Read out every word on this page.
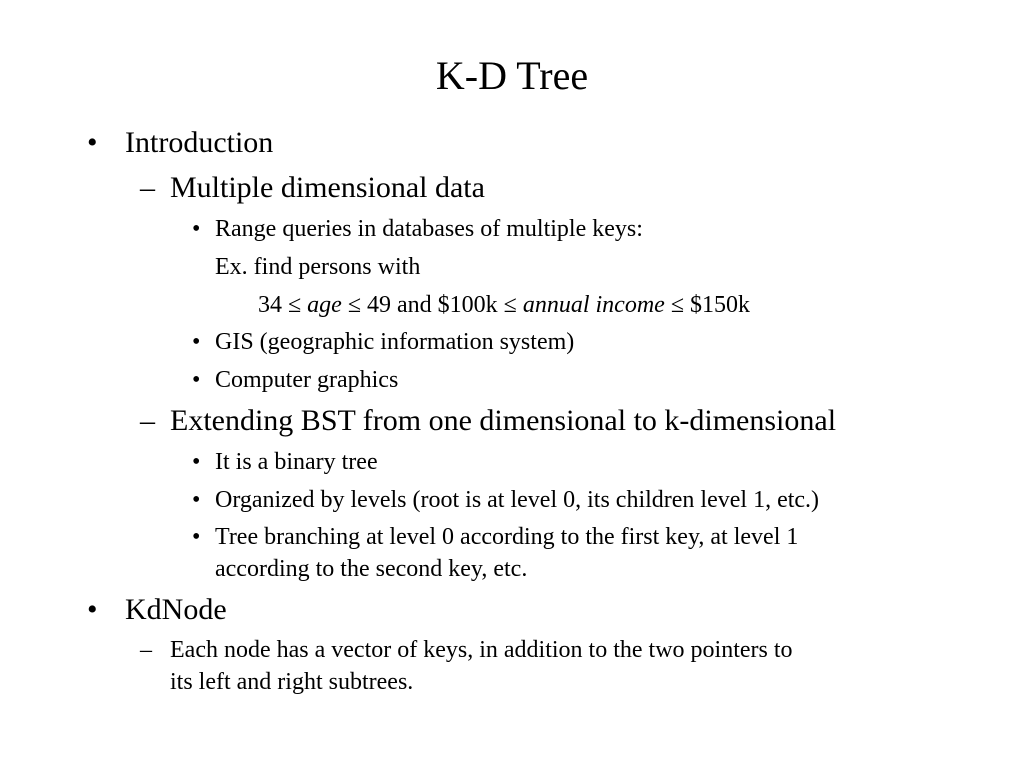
K-D Tree
• Introduction
– Multiple dimensional data
• Range queries in databases of multiple keys:
Ex. find persons with
34 ≤ age ≤ 49 and $100k ≤ annual income ≤ $150k
• GIS (geographic information system)
• Computer graphics
– Extending BST from one dimensional to k-dimensional
• It is a binary tree
• Organized by levels (root is at level 0, its children level 1, etc.)
• Tree branching at level 0 according to the first key, at level 1
according to the second key, etc.
• KdNode
– Each node has a vector of keys, in addition to the two pointers to
its left and right subtrees.
